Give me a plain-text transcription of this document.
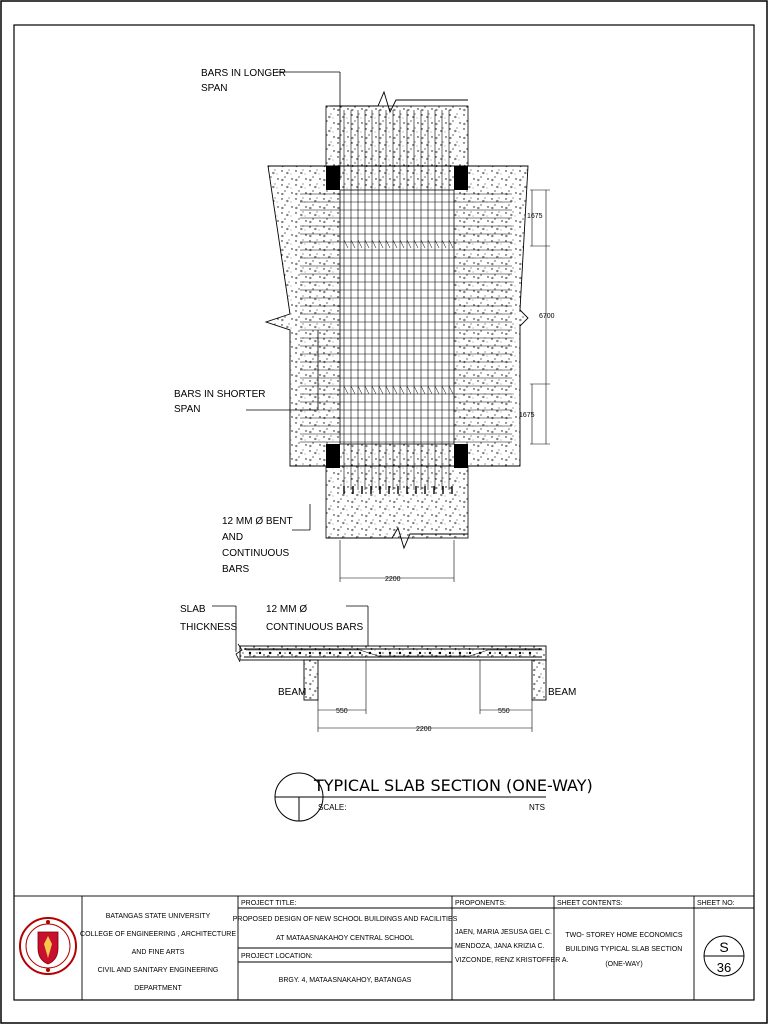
BARS IN LONGER
SPAN
BARS IN SHORTER
SPAN
12 MM Ø BENT
AND
CONTINUOUS
BARS
1675
6700
1675
2200
SLAB
THICKNESS
12 MM Ø
CONTINUOUS BARS
BEAM	BEAM
550	550
2200
TYPICAL SLAB SECTION (ONE-WAY)
SCALE:	NTS
BATANGAS STATE UNIVERSITY
COLLEGE OF ENGINEERING , ARCHITECTURE
AND FINE ARTS
CIVIL AND SANITARY ENGINEERING
DEPARTMENT
PROJECT TITLE:
PROPOSED DESIGN OF NEW SCHOOL BUILDINGS AND FACILITIES
AT MATAASNAKAHOY CENTRAL SCHOOL
PROJECT LOCATION:
BRGY. 4, MATAASNAKAHOY, BATANGAS
PROPONENTS:
JAEN, MARIA JESUSA GEL C.
MENDOZA, JANA KRIZIA C.
VIZCONDE, RENZ KRISTOFFER A.
SHEET CONTENTS:
TWO- STOREY HOME ECONOMICS
BUILDING TYPICAL SLAB SECTION
(ONE-WAY)
SHEET NO:
S
36
